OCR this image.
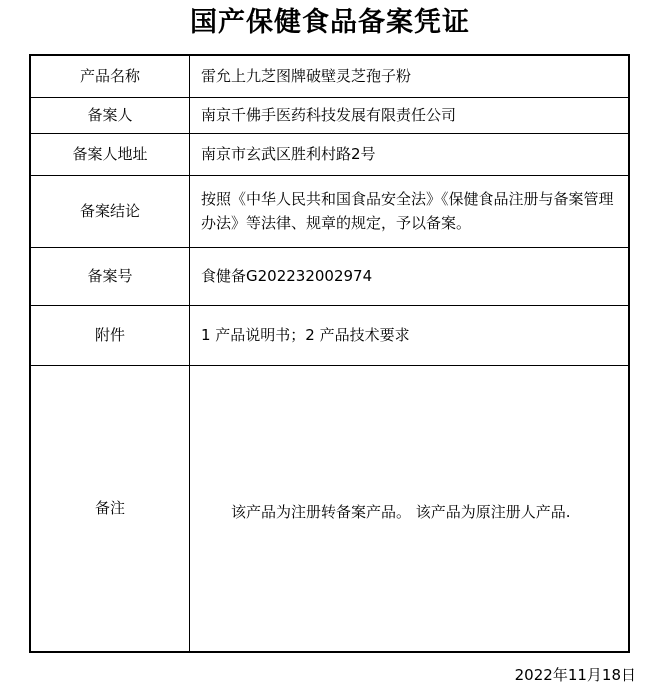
国产保健食品备案凭证
产品名称	雷允上九芝图牌破壁灵芝孢子粉
备案人	南京千佛手医药科技发展有限责任公司
备案人地址	南京市玄武区胜利村路2号
备案结论	按照《中华人民共和国食品安全法》《保健食品注册与备案管理办法》等法律、规章的规定，予以备案。
备案号	食健备G202232002974
附件	1 产品说明书；2 产品技术要求
备注	该产品为注册转备案产品。 该产品为原注册人产品.
2022年11月18日
